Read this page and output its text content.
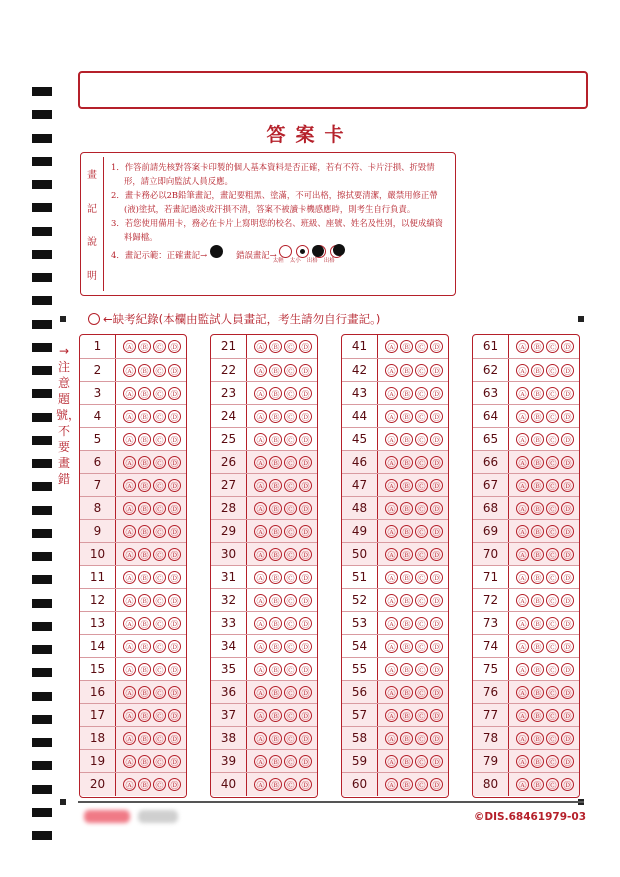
答案卡
畫
記
說
明
1．作答前請先核對答案卡印製的個人基本資料是否正確，若有不符、卡片汙損、折毀情形，請立即向監試人員反應。
2．畫卡務必以2B鉛筆畫記，畫記要粗黑、塗滿，不可出格，擦拭要清潔，嚴禁用修正帶(液)塗拭，若畫記過淡或汗損不清，答案不被讀卡機感應時，則考生自行負責。
3．若您使用備用卡，務必在卡片上寫明您的校名、班級、座號、姓名及性別，以便成績資料歸檔。
4．畫記示範：正確畫記→	錯誤畫記→
太輕	太小	出格	出格
←缺考紀錄(本欄由監試人員畫記，考生請勿自行畫記。)
→注意題號，不要畫錯
1	Ⓐ Ⓑ Ⓒ Ⓓ
2	Ⓐ Ⓑ Ⓒ Ⓓ
3	Ⓐ Ⓑ Ⓒ Ⓓ
4	Ⓐ Ⓑ Ⓒ Ⓓ
5	Ⓐ Ⓑ Ⓒ Ⓓ
6	Ⓐ Ⓑ Ⓒ Ⓓ
7	Ⓐ Ⓑ Ⓒ Ⓓ
8	Ⓐ Ⓑ Ⓒ Ⓓ
9	Ⓐ Ⓑ Ⓒ Ⓓ
10	Ⓐ Ⓑ Ⓒ Ⓓ
11	Ⓐ Ⓑ Ⓒ Ⓓ
12	Ⓐ Ⓑ Ⓒ Ⓓ
13	Ⓐ Ⓑ Ⓒ Ⓓ
14	Ⓐ Ⓑ Ⓒ Ⓓ
15	Ⓐ Ⓑ Ⓒ Ⓓ
16	Ⓐ Ⓑ Ⓒ Ⓓ
17	Ⓐ Ⓑ Ⓒ Ⓓ
18	Ⓐ Ⓑ Ⓒ Ⓓ
19	Ⓐ Ⓑ Ⓒ Ⓓ
20	Ⓐ Ⓑ Ⓒ Ⓓ
21	Ⓐ Ⓑ Ⓒ Ⓓ
22	Ⓐ Ⓑ Ⓒ Ⓓ
23	Ⓐ Ⓑ Ⓒ Ⓓ
24	Ⓐ Ⓑ Ⓒ Ⓓ
25	Ⓐ Ⓑ Ⓒ Ⓓ
26	Ⓐ Ⓑ Ⓒ Ⓓ
27	Ⓐ Ⓑ Ⓒ Ⓓ
28	Ⓐ Ⓑ Ⓒ Ⓓ
29	Ⓐ Ⓑ Ⓒ Ⓓ
30	Ⓐ Ⓑ Ⓒ Ⓓ
31	Ⓐ Ⓑ Ⓒ Ⓓ
32	Ⓐ Ⓑ Ⓒ Ⓓ
33	Ⓐ Ⓑ Ⓒ Ⓓ
34	Ⓐ Ⓑ Ⓒ Ⓓ
35	Ⓐ Ⓑ Ⓒ Ⓓ
36	Ⓐ Ⓑ Ⓒ Ⓓ
37	Ⓐ Ⓑ Ⓒ Ⓓ
38	Ⓐ Ⓑ Ⓒ Ⓓ
39	Ⓐ Ⓑ Ⓒ Ⓓ
40	Ⓐ Ⓑ Ⓒ Ⓓ
41	Ⓐ Ⓑ Ⓒ Ⓓ
42	Ⓐ Ⓑ Ⓒ Ⓓ
43	Ⓐ Ⓑ Ⓒ Ⓓ
44	Ⓐ Ⓑ Ⓒ Ⓓ
45	Ⓐ Ⓑ Ⓒ Ⓓ
46	Ⓐ Ⓑ Ⓒ Ⓓ
47	Ⓐ Ⓑ Ⓒ Ⓓ
48	Ⓐ Ⓑ Ⓒ Ⓓ
49	Ⓐ Ⓑ Ⓒ Ⓓ
50	Ⓐ Ⓑ Ⓒ Ⓓ
51	Ⓐ Ⓑ Ⓒ Ⓓ
52	Ⓐ Ⓑ Ⓒ Ⓓ
53	Ⓐ Ⓑ Ⓒ Ⓓ
54	Ⓐ Ⓑ Ⓒ Ⓓ
55	Ⓐ Ⓑ Ⓒ Ⓓ
56	Ⓐ Ⓑ Ⓒ Ⓓ
57	Ⓐ Ⓑ Ⓒ Ⓓ
58	Ⓐ Ⓑ Ⓒ Ⓓ
59	Ⓐ Ⓑ Ⓒ Ⓓ
60	Ⓐ Ⓑ Ⓒ Ⓓ
61	Ⓐ Ⓑ Ⓒ Ⓓ
62	Ⓐ Ⓑ Ⓒ Ⓓ
63	Ⓐ Ⓑ Ⓒ Ⓓ
64	Ⓐ Ⓑ Ⓒ Ⓓ
65	Ⓐ Ⓑ Ⓒ Ⓓ
66	Ⓐ Ⓑ Ⓒ Ⓓ
67	Ⓐ Ⓑ Ⓒ Ⓓ
68	Ⓐ Ⓑ Ⓒ Ⓓ
69	Ⓐ Ⓑ Ⓒ Ⓓ
70	Ⓐ Ⓑ Ⓒ Ⓓ
71	Ⓐ Ⓑ Ⓒ Ⓓ
72	Ⓐ Ⓑ Ⓒ Ⓓ
73	Ⓐ Ⓑ Ⓒ Ⓓ
74	Ⓐ Ⓑ Ⓒ Ⓓ
75	Ⓐ Ⓑ Ⓒ Ⓓ
76	Ⓐ Ⓑ Ⓒ Ⓓ
77	Ⓐ Ⓑ Ⓒ Ⓓ
78	Ⓐ Ⓑ Ⓒ Ⓓ
79	Ⓐ Ⓑ Ⓒ Ⓓ
80	Ⓐ Ⓑ Ⓒ Ⓓ
©DIS.68461979-03
